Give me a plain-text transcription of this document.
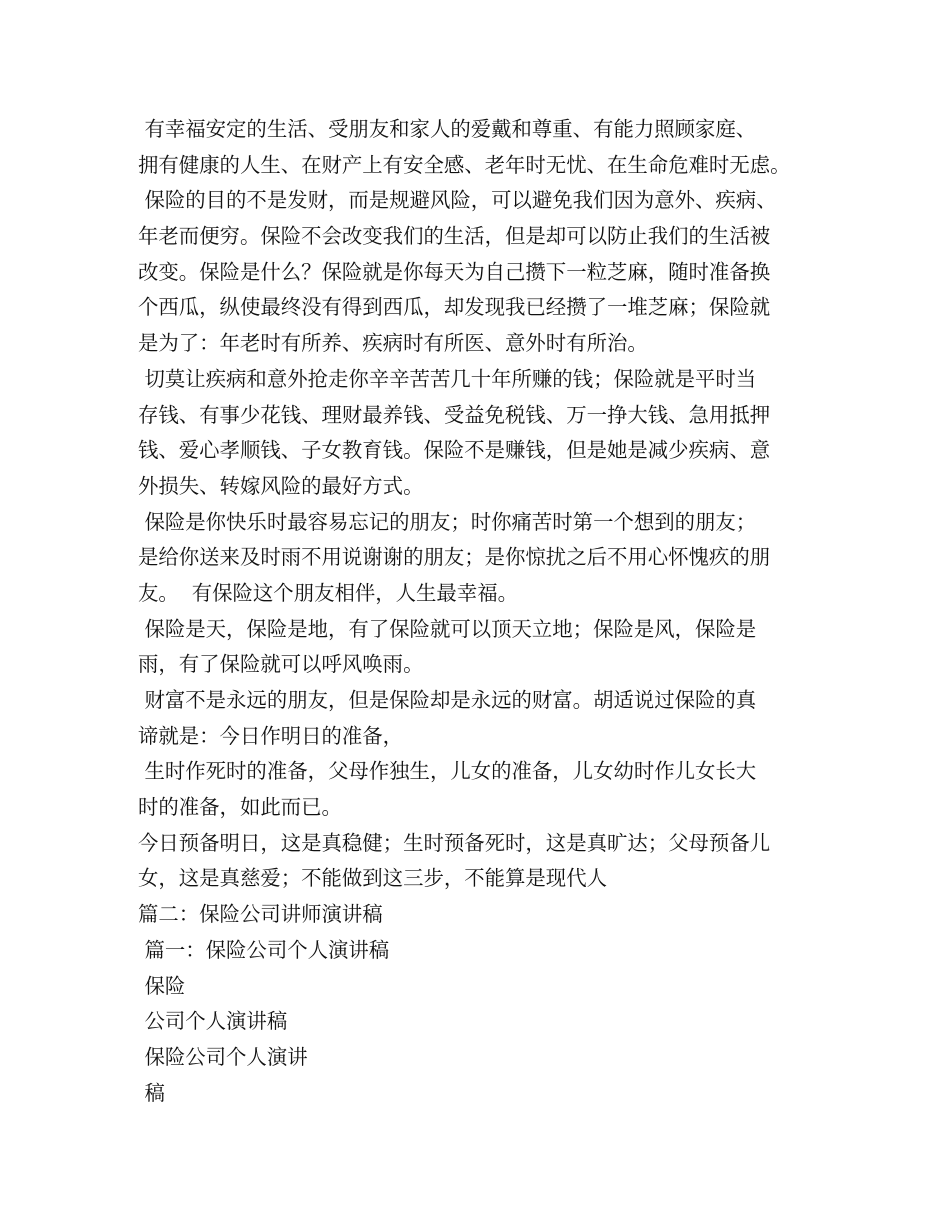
有幸福安定的生活、受朋友和家人的爱戴和尊重、有能力照顾家庭、
拥有健康的人生、在财产上有安全感、老年时无忧、在生命危难时无虑。
保险的目的不是发财，而是规避风险，可以避免我们因为意外、疾病、
年老而便穷。保险不会改变我们的生活，但是却可以防止我们的生活被
改变。保险是什么？保险就是你每天为自己攒下一粒芝麻，随时准备换
个西瓜，纵使最终没有得到西瓜，却发现我已经攒了一堆芝麻；保险就
是为了：年老时有所养、疾病时有所医、意外时有所治。
切莫让疾病和意外抢走你辛辛苦苦几十年所赚的钱；保险就是平时当
存钱、有事少花钱、理财最养钱、受益免税钱、万一挣大钱、急用抵押
钱、爱心孝顺钱、子女教育钱。保险不是赚钱，但是她是减少疾病、意
外损失、转嫁风险的最好方式。
保险是你快乐时最容易忘记的朋友；时你痛苦时第一个想到的朋友；
是给你送来及时雨不用说谢谢的朋友；是你惊扰之后不用心怀愧疚的朋
友。  有保险这个朋友相伴，人生最幸福。
保险是天，保险是地，有了保险就可以顶天立地；保险是风，保险是
雨，有了保险就可以呼风唤雨。
财富不是永远的朋友，但是保险却是永远的财富。胡适说过保险的真
谛就是：今日作明日的准备，
生时作死时的准备，父母作独生，儿女的准备，儿女幼时作儿女长大
时的准备，如此而已。
今日预备明日，这是真稳健；生时预备死时，这是真旷达；父母预备儿
女，这是真慈爱；不能做到这三步，不能算是现代人
篇二：保险公司讲师演讲稿
篇一：保险公司个人演讲稿
保险
公司个人演讲稿
保险公司个人演讲
稿
